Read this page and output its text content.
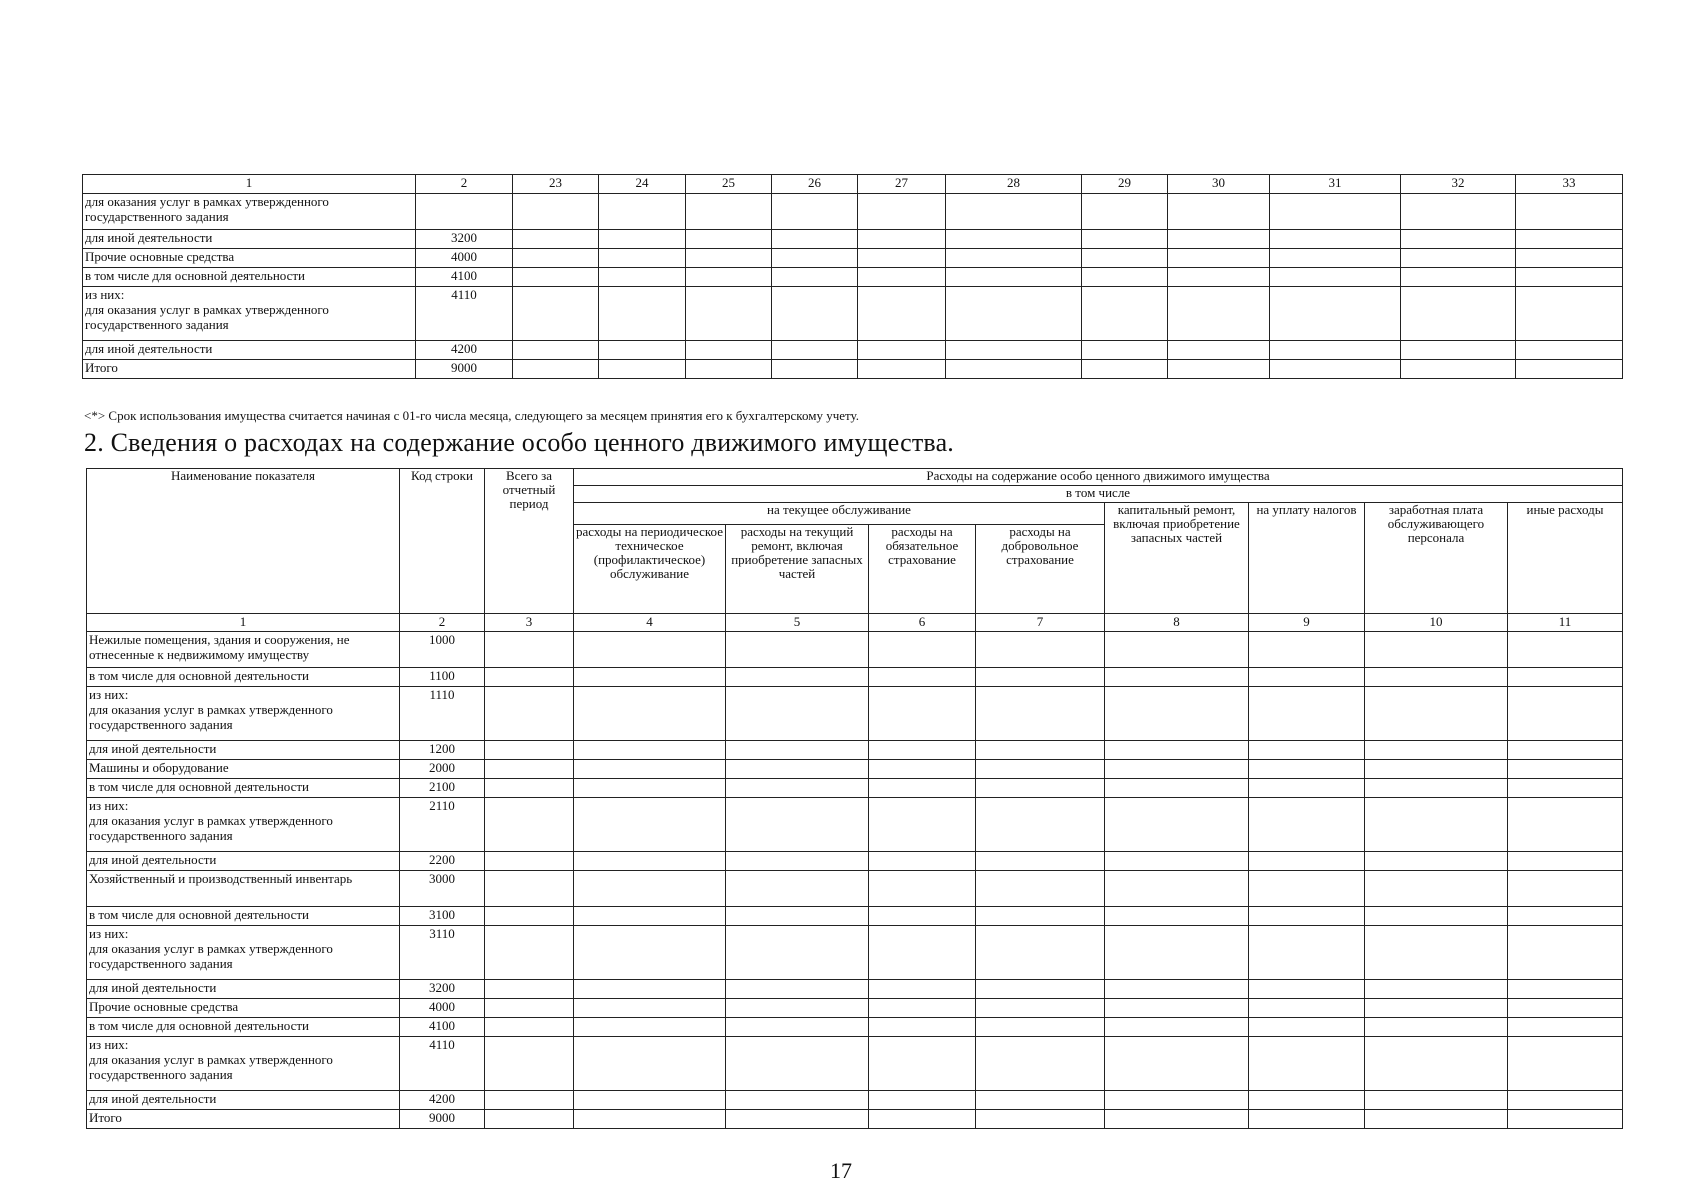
1	2	23	24	25	26	27	28	29	30	31	32	33
для оказания услуг в рамках утвержденного государственного задания												
для иной деятельности	3200											
Прочие основные средства	4000											
в том числе для основной деятельности	4100											
из них:
для оказания услуг в рамках утвержденного государственного задания	4110											
для иной деятельности	4200											
Итого	9000											
<*> Срок использования имущества считается начиная с 01-го числа месяца, следующего за месяцем принятия его к бухгалтерскому учету.
2. Сведения о расходах на содержание особо ценного движимого имущества.
Наименование показателя	Код строки	Всего за отчетный период	Расходы на содержание особо ценного движимого имущества							
			в том числе							
			на текущее обслуживание				капитальный ремонт, включая приобретение запасных частей	на уплату налогов	заработная плата обслуживающего персонала	иные расходы
			расходы на периодическое техническое (профилактическое) обслуживание	расходы на текущий ремонт, включая приобретение запасных частей	расходы на обязательное страхование	расходы на добровольное страхование				
1	2	3	4	5	6	7	8	9	10	11
Нежилые помещения, здания и сооружения, не отнесенные к недвижимому имуществу	1000									
в том числе для основной деятельности	1100									
из них:
для оказания услуг в рамках утвержденного государственного задания	1110									
для иной деятельности	1200									
Машины и оборудование	2000									
в том числе для основной деятельности	2100									
из них:
для оказания услуг в рамках утвержденного государственного задания	2110									
для иной деятельности	2200									
Хозяйственный и производственный инвентарь	3000									
в том числе для основной деятельности	3100									
из них:
для оказания услуг в рамках утвержденного государственного задания	3110									
для иной деятельности	3200									
Прочие основные средства	4000									
в том числе для основной деятельности	4100									
из них:
для оказания услуг в рамках утвержденного государственного задания	4110									
для иной деятельности	4200									
Итого	9000									
17
